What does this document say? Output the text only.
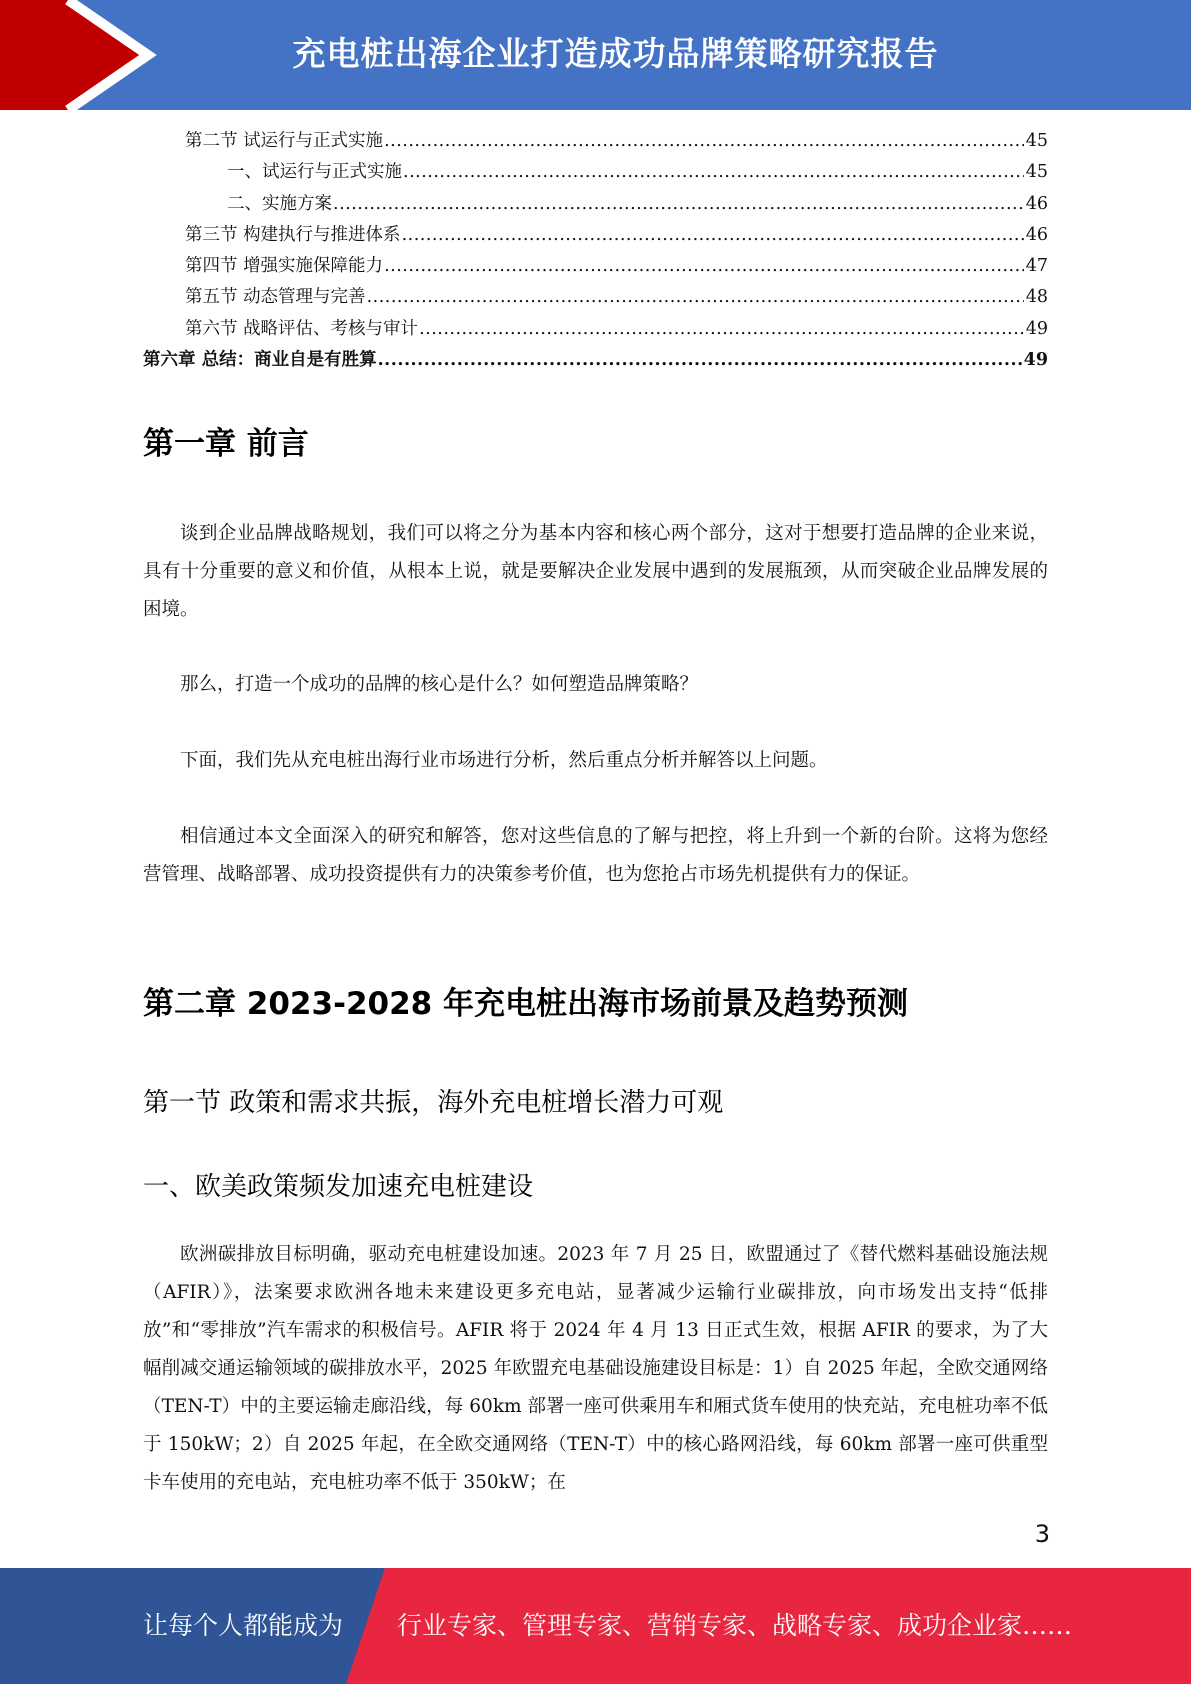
充电桩出海企业打造成功品牌策略研究报告
第二节 试运行与正式实施 .....	45
一、试运行与正式实施 .....	45
二、实施方案 .....	46
第三节 构建执行与推进体系 .....	46
第四节 增强实施保障能力 .....	47
第五节 动态管理与完善 .....	48
第六节 战略评估、考核与审计 .....	49
第六章 总结：商业自是有胜算 .....	49
第一章 前言

谈到企业品牌战略规划，我们可以将之分为基本内容和核心两个部分，这对于想要打造品牌的企业来说，具有十分重要的意义和价值，从根本上说，就是要解决企业发展中遇到的发展瓶颈，从而突破企业品牌发展的困境。

那么，打造一个成功的品牌的核心是什么？如何塑造品牌策略？

下面，我们先从充电桩出海行业市场进行分析，然后重点分析并解答以上问题。

相信通过本文全面深入的研究和解答，您对这些信息的了解与把控，将上升到一个新的台阶。这将为您经营管理、战略部署、成功投资提供有力的决策参考价值，也为您抢占市场先机提供有力的保证。

第二章 2023-2028 年充电桩出海市场前景及趋势预测
第一节 政策和需求共振，海外充电桩增长潜力可观
一、欧美政策频发加速充电桩建设

欧洲碳排放目标明确，驱动充电桩建设加速。2023 年 7 月 25 日，欧盟通过了《替代燃料基础设施法规（AFIR）》，法案要求欧洲各地未来建设更多充电站，显著减少运输行业碳排放，向市场发出支持“低排放”和“零排放”汽车需求的积极信号。AFIR 将于 2024 年 4 月 13 日正式生效，根据 AFIR 的要求，为了大幅削减交通运输领域的碳排放水平，2025 年欧盟充电基础设施建设目标是：1）自 2025 年起，全欧交通网络（TEN-T）中的主要运输走廊沿线，每 60km 部署一座可供乘用车和厢式货车使用的快充站，充电桩功率不低于 150kW；2）自 2025 年起，在全欧交通网络（TEN-T）中的核心路网沿线，每 60km 部署一座可供重型卡车使用的充电站，充电桩功率不低于 350kW；在

3
让每个人都能成为 行业专家、管理专家、营销专家、战略专家、成功企业家……
